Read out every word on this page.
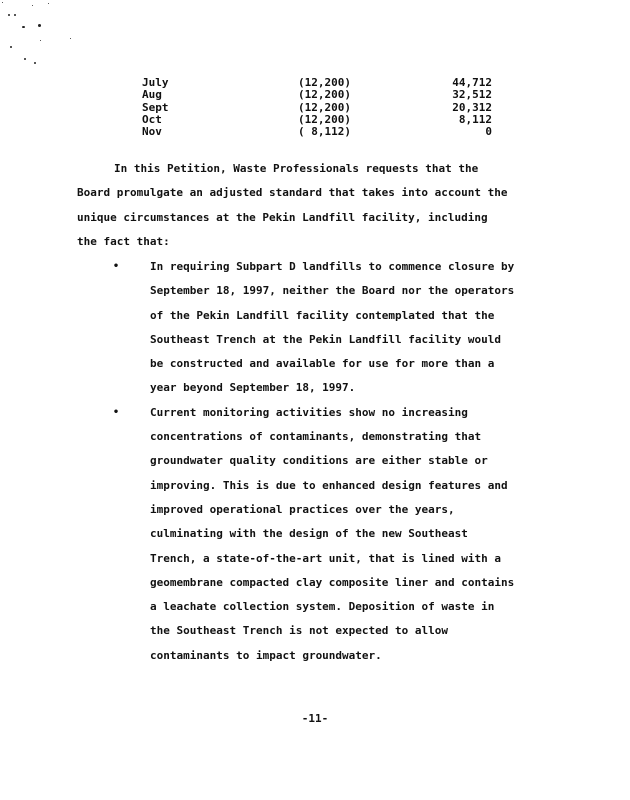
July	(12,200)	44,712
Aug	(12,200)	32,512
Sept	(12,200)	20,312
Oct	(12,200)	8,112
Nov	( 8,112)	0
In this Petition, Waste Professionals requests that the
Board promulgate an adjusted standard that takes into account the
unique circumstances at the Pekin Landfill facility, including
the fact that:
•	In requiring Subpart D landfills to commence closure by
September 18, 1997, neither the Board nor the operators
of the Pekin Landfill facility contemplated that the
Southeast Trench at the Pekin Landfill facility would
be constructed and available for use for more than a
year beyond September 18, 1997.
•	Current monitoring activities show no increasing
concentrations of contaminants, demonstrating that
groundwater quality conditions are either stable or
improving. This is due to enhanced design features and
improved operational practices over the years,
culminating with the design of the new Southeast
Trench, a state-of-the-art unit, that is lined with a
geomembrane compacted clay composite liner and contains
a leachate collection system. Deposition of waste in
the Southeast Trench is not expected to allow
contaminants to impact groundwater.
-11-
